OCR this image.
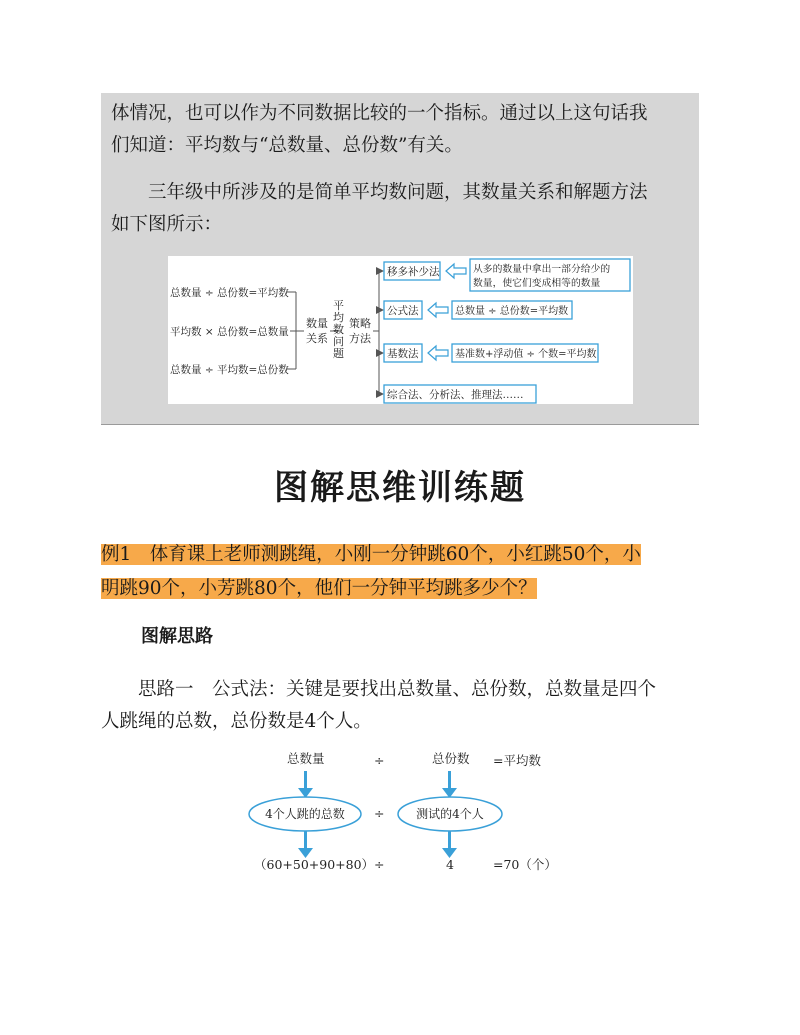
体情况，也可以作为不同数据比较的一个指标。通过以上这句话我
们知道：平均数与“总数量、总份数”有关。

三年级中所涉及的是简单平均数问题，其数量关系和解题方法
如下图所示：

总数量 ÷ 总份数=平均数
平均数 × 总份数=总数量
总数量 ÷ 平均数=总份数
数量
关系
平
均
数
问
题
策略
方法
移多补少法
公式法
基数法
综合法、分析法、推理法……
从多的数量中拿出一部分给少的
数量，使它们变成相等的数量
总数量 ÷ 总份数=平均数
基准数+浮动值 ÷ 个数=平均数
图解思维训练题

例1　体育课上老师测跳绳，小刚一分钟跳60个，小红跳50个，小
明跳90个，小芳跳80个，他们一分钟平均跳多少个？

图解思路

思路一　公式法：关键是要找出总数量、总份数，总数量是四个
人跳绳的总数，总份数是4个人。

总数量	÷	总份数 =平均数
4个人跳的总数 ÷	测试的4个人
（60+50+90+80） ÷	4	=70（个）
